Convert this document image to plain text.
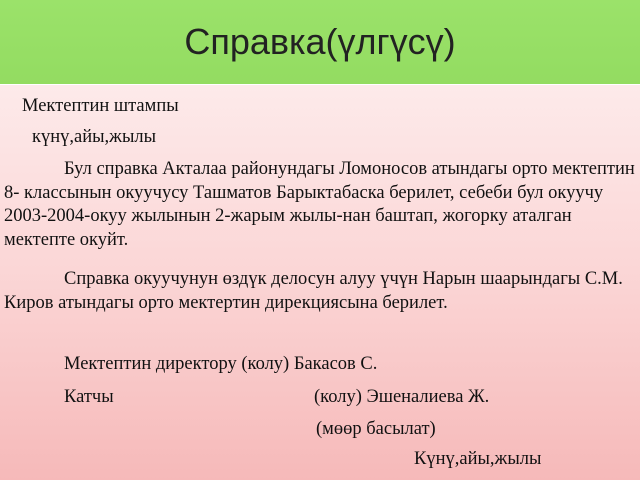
Справка(үлгүсү)

Мектептин штампы

күнү,айы,жылы

Бул справка Акталаа районундагы Ломоносов атындагы орто мектептин 8- классынын окуучусу Ташматов Барыктабаска берилет, себеби бул окуучу 2003-2004-окуу жылынын 2-жарым жылы-нан баштап, жогорку аталган мектепте окуйт.

Справка окуучунун өздүк делосун алуу үчүн Нарын шаарындагы С.М. Киров атындагы орто мектертин дирекциясына берилет.

Мектептин директору (колу) Бакасов С.

Катчы	(колу) Эшеналиева Ж.

(мөөр басылат)

Күнү,айы,жылы
